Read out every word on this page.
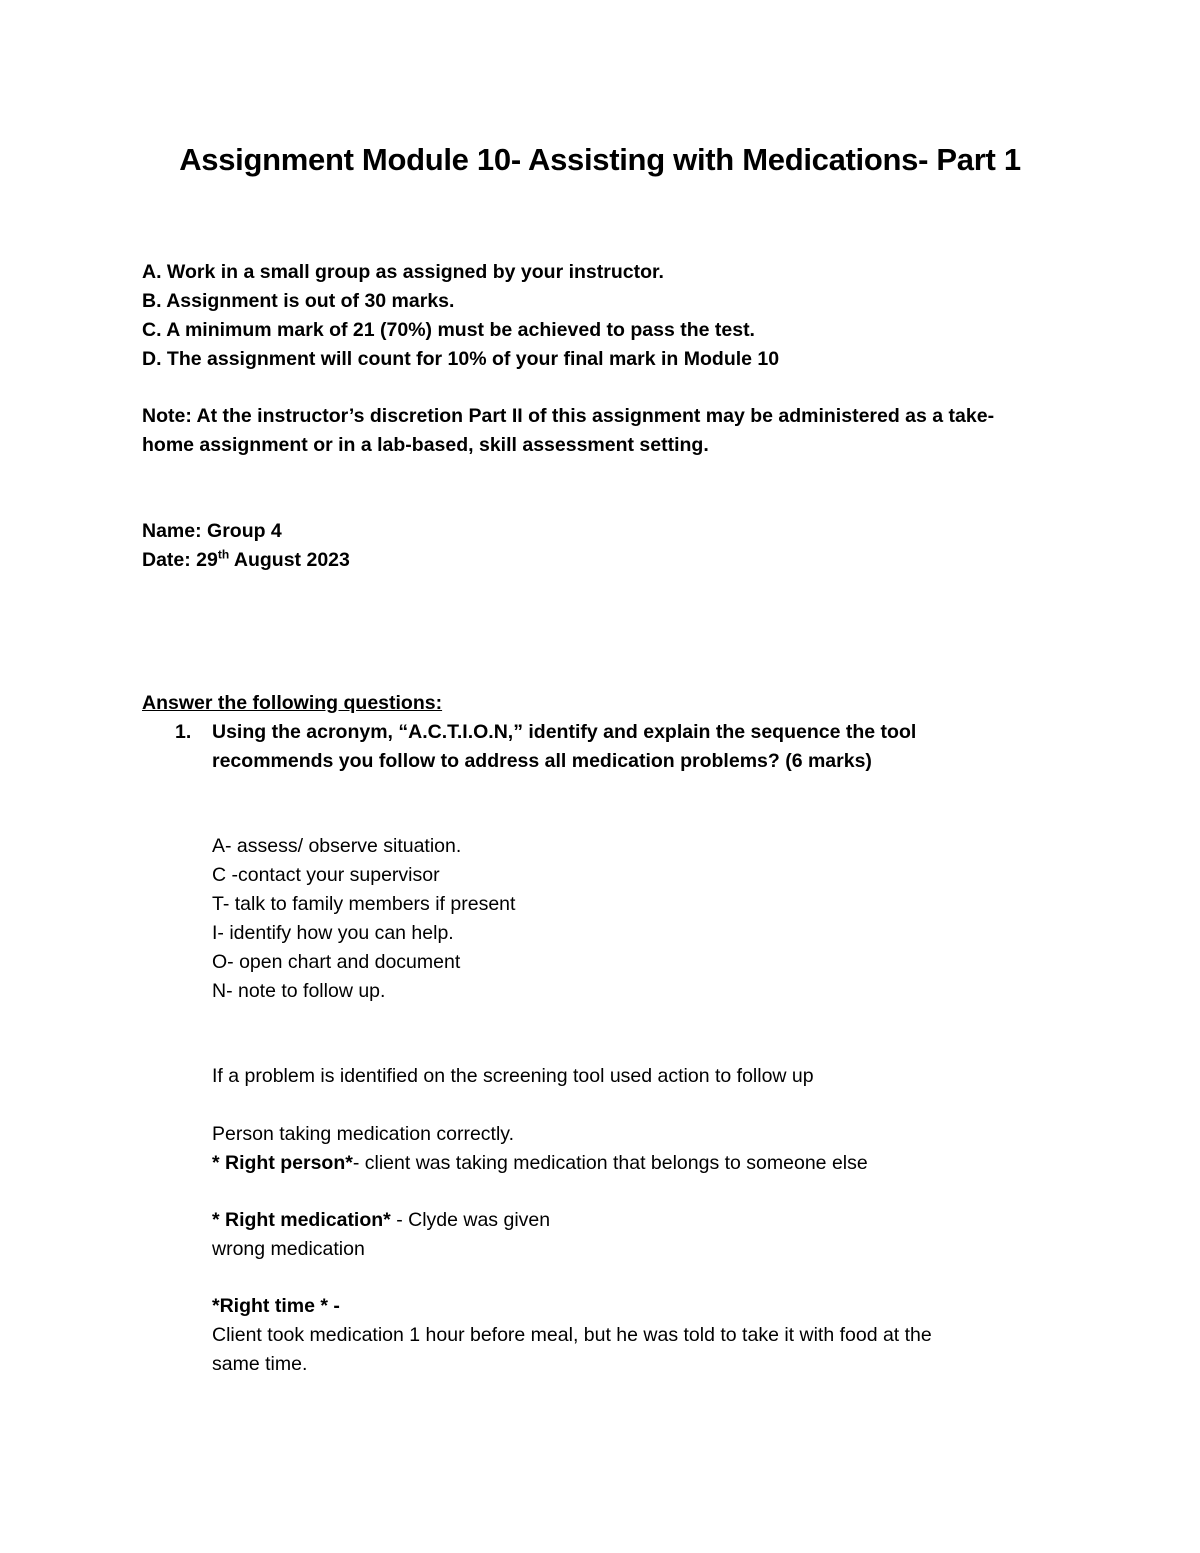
Assignment Module 10- Assisting with Medications- Part 1
A. Work in a small group as assigned by your instructor.
B. Assignment is out of 30 marks.
C. A minimum mark of 21 (70%) must be achieved to pass the test.
D. The assignment will count for 10% of your final mark in Module 10
Note: At the instructor’s discretion Part II of this assignment may be administered as a take-
home assignment or in a lab-based, skill assessment setting.
Name: Group 4
Date: 29th August 2023
Answer the following questions:
1. Using the acronym, “A.C.T.I.O.N,” identify and explain the sequence the tool
recommends you follow to address all medication problems? (6 marks)
A- assess/ observe situation.
C -contact your supervisor
T- talk to family members if present
I- identify how you can help.
O- open chart and document
N- note to follow up.
If a problem is identified on the screening tool used action to follow up
Person taking medication correctly.
* Right person*- client was taking medication that belongs to someone else
* Right medication* - Clyde was given
wrong medication
*Right time * -
Client took medication 1 hour before meal, but he was told to take it with food at the
same time.
